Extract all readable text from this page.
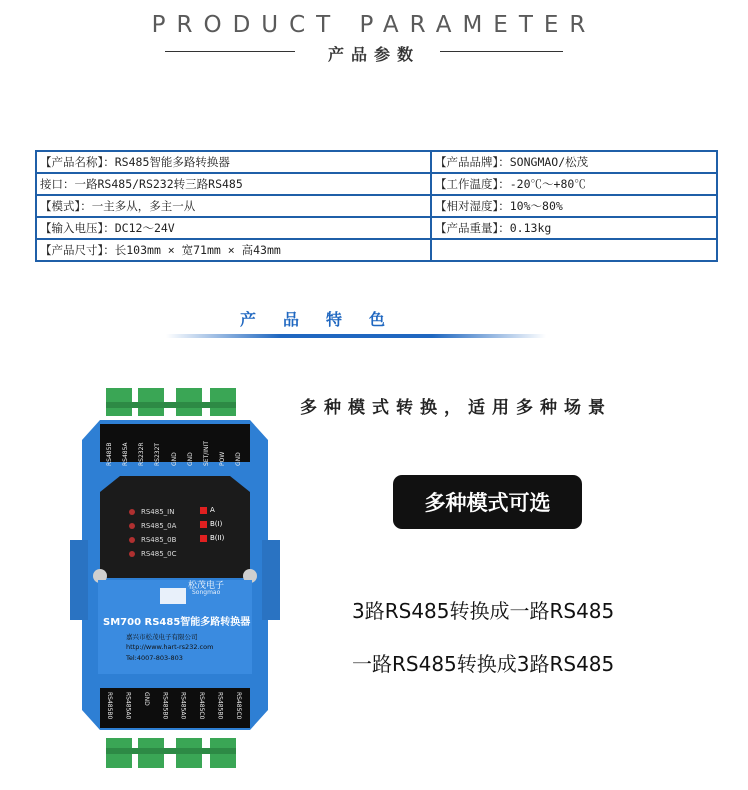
PRODUCT PARAMETER
产品参数
【产品名称】：RS485智能多路转换器	【产品品牌】：SONGMAO/松茂
接口：一路RS485/RS232转三路RS485	【工作温度】：-20℃～+80℃
【模式】：一主多从，多主一从	【相对湿度】：10%～80%
【输入电压】：DC12～24V	【产品重量】：0.13kg
【产品尺寸】：长103mm × 宽71mm × 高43mm	
产品特色
多种模式转换，适用多种场景
多种模式可选
3路RS485转换成一路RS485
一路RS485转换成3路RS485
RS485_IN
RS485_0A
RS485_0B
RS485_0C
A
B(I)
B(II)
松茂电子
Songmao
SM700 RS485智能多路转换器
嘉兴市松茂电子有限公司
http://www.hart-rs232.com
Tel:4007-803-803
RS485B RS485A RS232R RS232T GND GND SET/INIT POW GND
RS485B0 RS485A0 GND RS485B0 RS485A0 RS485C0 RS485B0 RS485C0
